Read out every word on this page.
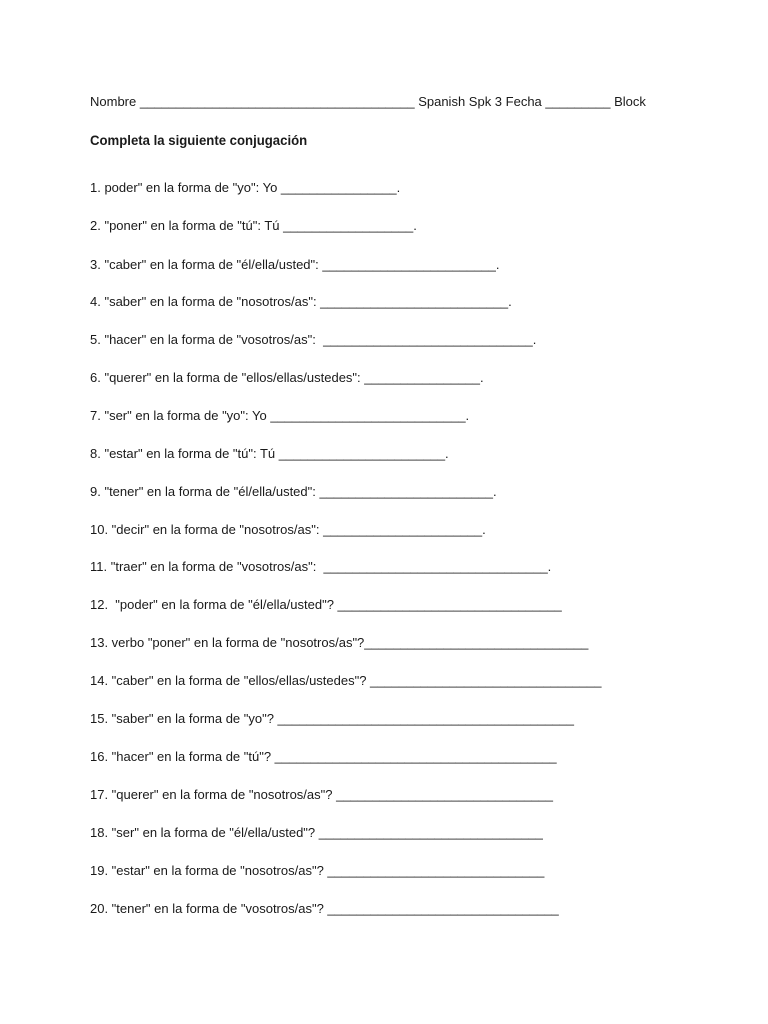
Nombre ______________________________________ Spanish Spk 3 Fecha _________ Block
Completa la siguiente conjugación
1. poder" en la forma de "yo": Yo ________________.
2. "poner" en la forma de "tú": Tú __________________.
3. "caber" en la forma de "él/ella/usted": ________________________.
4. "saber" en la forma de "nosotros/as": __________________________.
5. "hacer" en la forma de "vosotros/as":  _____________________________.
6. "querer" en la forma de "ellos/ellas/ustedes": ________________.
7. "ser" en la forma de "yo": Yo ___________________________.
8. "estar" en la forma de "tú": Tú _______________________.
9. "tener" en la forma de "él/ella/usted": ________________________.
10. "decir" en la forma de "nosotros/as": ______________________.
11. "traer" en la forma de "vosotros/as":  _______________________________.
12.  "poder" en la forma de "él/ella/usted"? _______________________________
13. verbo "poner" en la forma de "nosotros/as"?_______________________________
14. "caber" en la forma de "ellos/ellas/ustedes"? ________________________________
15. "saber" en la forma de "yo"? _________________________________________
16. "hacer" en la forma de "tú"? _______________________________________
17. "querer" en la forma de "nosotros/as"? ______________________________
18. "ser" en la forma de "él/ella/usted"? _______________________________
19. "estar" en la forma de "nosotros/as"? ______________________________
20. "tener" en la forma de "vosotros/as"? ________________________________
